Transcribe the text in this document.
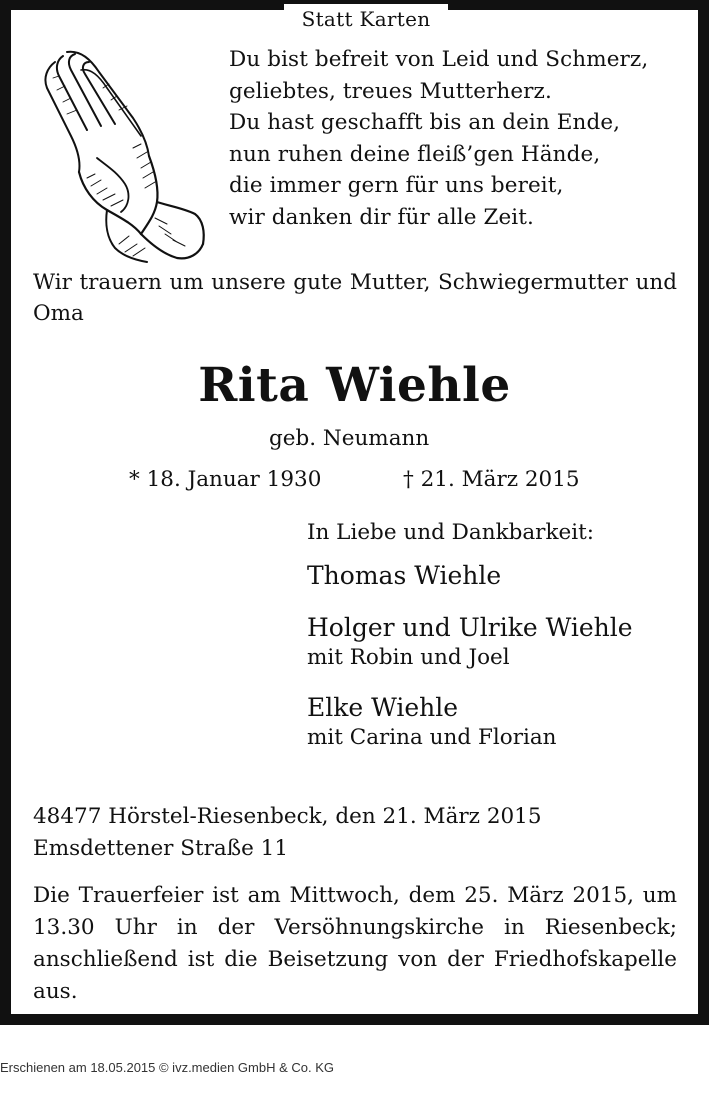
Statt Karten
Du bist befreit von Leid und Schmerz,
geliebtes, treues Mutterherz.
Du hast geschafft bis an dein Ende,
nun ruhen deine fleiß’gen Hände,
die immer gern für uns bereit,
wir danken dir für alle Zeit.
Wir trauern um unsere gute Mutter, Schwiegermutter und Oma
Rita Wiehle
geb. Neumann
* 18. Januar 1930	† 21. März 2015
In Liebe und Dankbarkeit:
Thomas Wiehle
Holger und Ulrike Wiehle
mit Robin und Joel
Elke Wiehle
mit Carina und Florian
48477 Hörstel-Riesenbeck, den 21. März 2015
Emsdettener Straße 11
Die Trauerfeier ist am Mittwoch, dem 25. März 2015, um 13.30 Uhr in der Versöhnungskirche in Riesenbeck; anschließend ist die Beisetzung von der Friedhofskapelle aus.
Erschienen am 18.05.2015 © ivz.medien GmbH & Co. KG
